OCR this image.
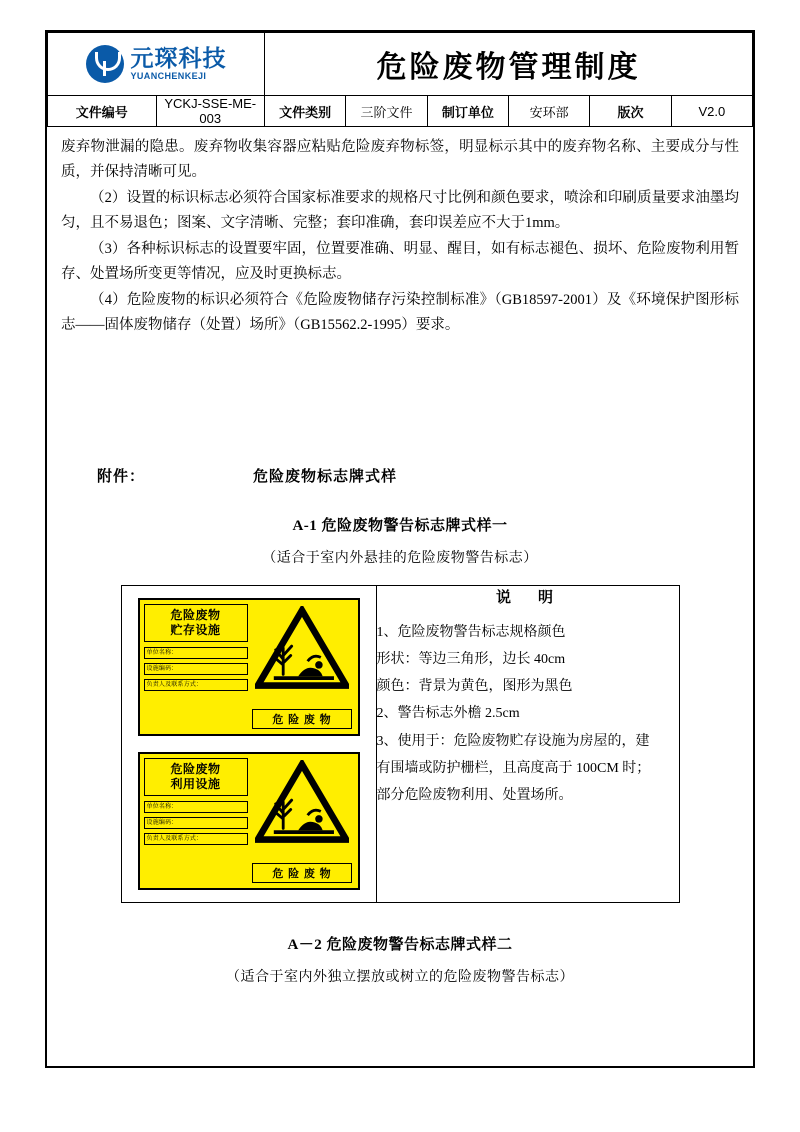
元琛科技
YUANCHENKEJI		危险废物管理制度					
文件编号	YCKJ-SSE-ME-003	文件类别	三阶文件	制订单位	安环部	版次	V2.0

废弃物泄漏的隐患。废弃物收集容器应粘贴危险废弃物标签，明显标示其中的废弃物名称、主要成分与性质，并保持清晰可见。

（2）设置的标识标志必须符合国家标准要求的规格尺寸比例和颜色要求，喷涂和印刷质量要求油墨均匀，且不易退色；图案、文字清晰、完整；套印准确，套印误差应不大于1mm。

（3）各种标识标志的设置要牢固，位置要准确、明显、醒目，如有标志褪色、损坏、危险废物利用暂存、处置场所变更等情况，应及时更换标志。

（4）危险废物的标识必须符合《危险废物储存污染控制标准》（GB18597-2001）及《环境保护图形标志——固体废物储存（处置）场所》（GB15562.2-1995）要求。

附件：	危险废物标志牌式样
A-1 危险废物警告标志牌式样一
（适合于室内外悬挂的危险废物警告标志）
危险废物
贮存设施
单位名称：
设施编码：
负责人及联系方式：
危 险 废 物
危险废物
利用设施
单位名称：
设施编码：
负责人及联系方式：
危 险 废 物

说　明

1、危险废物警告标志规格颜色

形状：等边三角形，边长 40cm

颜色：背景为黄色，图形为黑色

2、警告标志外檐 2.5cm

3、使用于：危险废物贮存设施为房屋的，建

有围墙或防护栅栏，且高度高于 100CM 时；

部分危险废物利用、处置场所。

A－2 危险废物警告标志牌式样二
（适合于室内外独立摆放或树立的危险废物警告标志）
